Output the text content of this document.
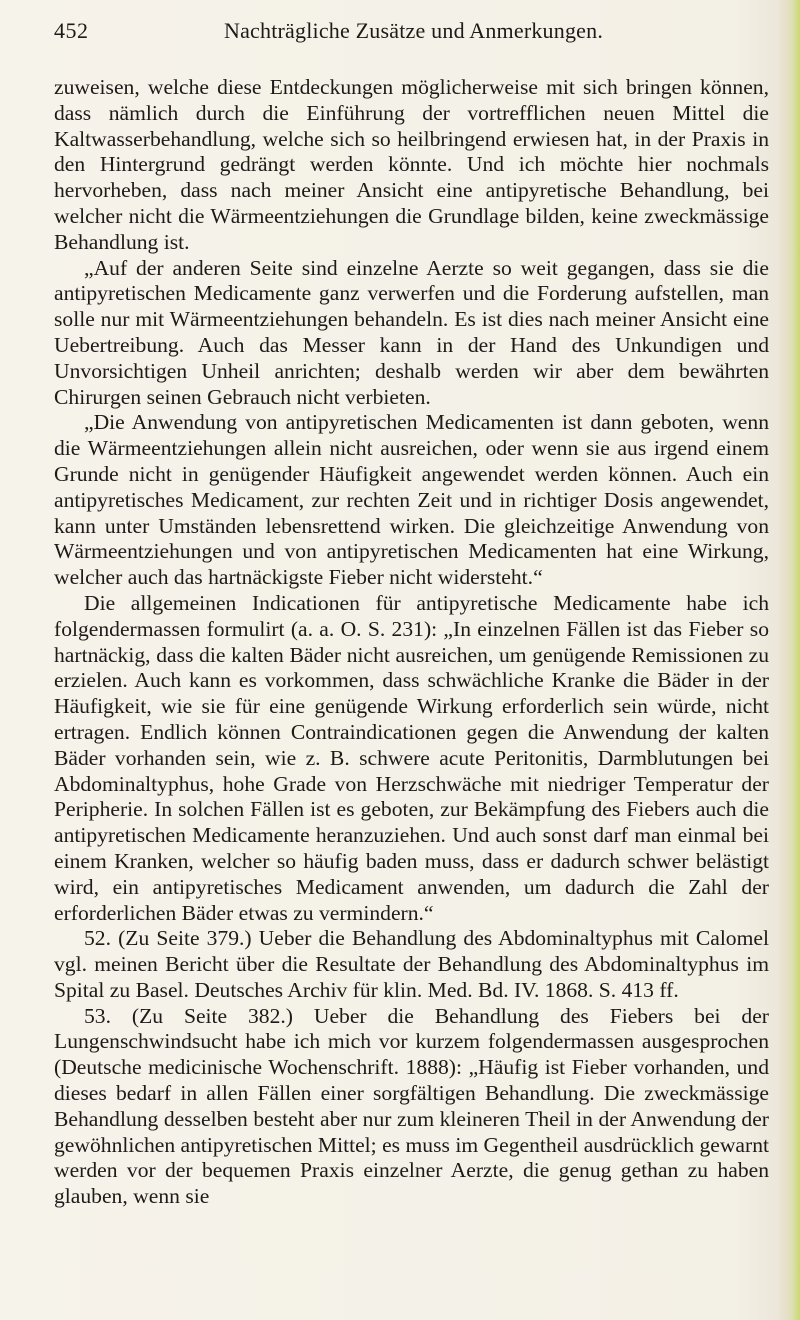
452	Nachträgliche Zusätze und Anmerkungen.

zuweisen, welche diese Entdeckungen möglicherweise mit sich bringen können, dass nämlich durch die Einführung der vortrefflichen neuen Mittel die Kaltwasserbehandlung, welche sich so heilbringend erwiesen hat, in der Praxis in den Hintergrund gedrängt werden könnte. Und ich möchte hier nochmals hervorheben, dass nach meiner Ansicht eine antipyretische Behandlung, bei welcher nicht die Wärmeentziehungen die Grundlage bilden, keine zweckmässige Behandlung ist.

„Auf der anderen Seite sind einzelne Aerzte so weit gegangen, dass sie die antipyretischen Medicamente ganz verwerfen und die Forderung aufstellen, man solle nur mit Wärmeentziehungen behandeln. Es ist dies nach meiner Ansicht eine Uebertreibung. Auch das Messer kann in der Hand des Unkundigen und Unvorsichtigen Unheil anrichten; deshalb werden wir aber dem bewährten Chirurgen seinen Gebrauch nicht verbieten.

„Die Anwendung von antipyretischen Medicamenten ist dann geboten, wenn die Wärmeentziehungen allein nicht ausreichen, oder wenn sie aus irgend einem Grunde nicht in genügender Häufigkeit angewendet werden können. Auch ein antipyretisches Medicament, zur rechten Zeit und in richtiger Dosis angewendet, kann unter Umständen lebensrettend wirken. Die gleichzeitige Anwendung von Wärmeentziehungen und von antipyretischen Medicamenten hat eine Wirkung, welcher auch das hartnäckigste Fieber nicht widersteht.“

Die allgemeinen Indicationen für antipyretische Medicamente habe ich folgendermassen formulirt (a. a. O. S. 231): „In einzelnen Fällen ist das Fieber so hartnäckig, dass die kalten Bäder nicht ausreichen, um genügende Remissionen zu erzielen. Auch kann es vorkommen, dass schwächliche Kranke die Bäder in der Häufigkeit, wie sie für eine genügende Wirkung erforderlich sein würde, nicht ertragen. Endlich können Contraindicationen gegen die Anwendung der kalten Bäder vorhanden sein, wie z. B. schwere acute Peritonitis, Darmblutungen bei Abdominaltyphus, hohe Grade von Herzschwäche mit niedriger Temperatur der Peripherie. In solchen Fällen ist es geboten, zur Bekämpfung des Fiebers auch die antipyretischen Medicamente heranzuziehen. Und auch sonst darf man einmal bei einem Kranken, welcher so häufig baden muss, dass er dadurch schwer belästigt wird, ein antipyretisches Medicament anwenden, um dadurch die Zahl der erforderlichen Bäder etwas zu vermindern.“

52. (Zu Seite 379.) Ueber die Behandlung des Abdominaltyphus mit Calomel vgl. meinen Bericht über die Resultate der Behandlung des Abdominaltyphus im Spital zu Basel. Deutsches Archiv für klin. Med. Bd. IV. 1868. S. 413 ff.

53. (Zu Seite 382.) Ueber die Behandlung des Fiebers bei der Lungenschwindsucht habe ich mich vor kurzem folgendermassen ausgesprochen (Deutsche medicinische Wochenschrift. 1888): „Häufig ist Fieber vorhanden, und dieses bedarf in allen Fällen einer sorgfältigen Behandlung. Die zweckmässige Behandlung desselben besteht aber nur zum kleineren Theil in der Anwendung der gewöhnlichen antipyretischen Mittel; es muss im Gegentheil ausdrücklich gewarnt werden vor der bequemen Praxis einzelner Aerzte, die genug gethan zu haben glauben, wenn sie
